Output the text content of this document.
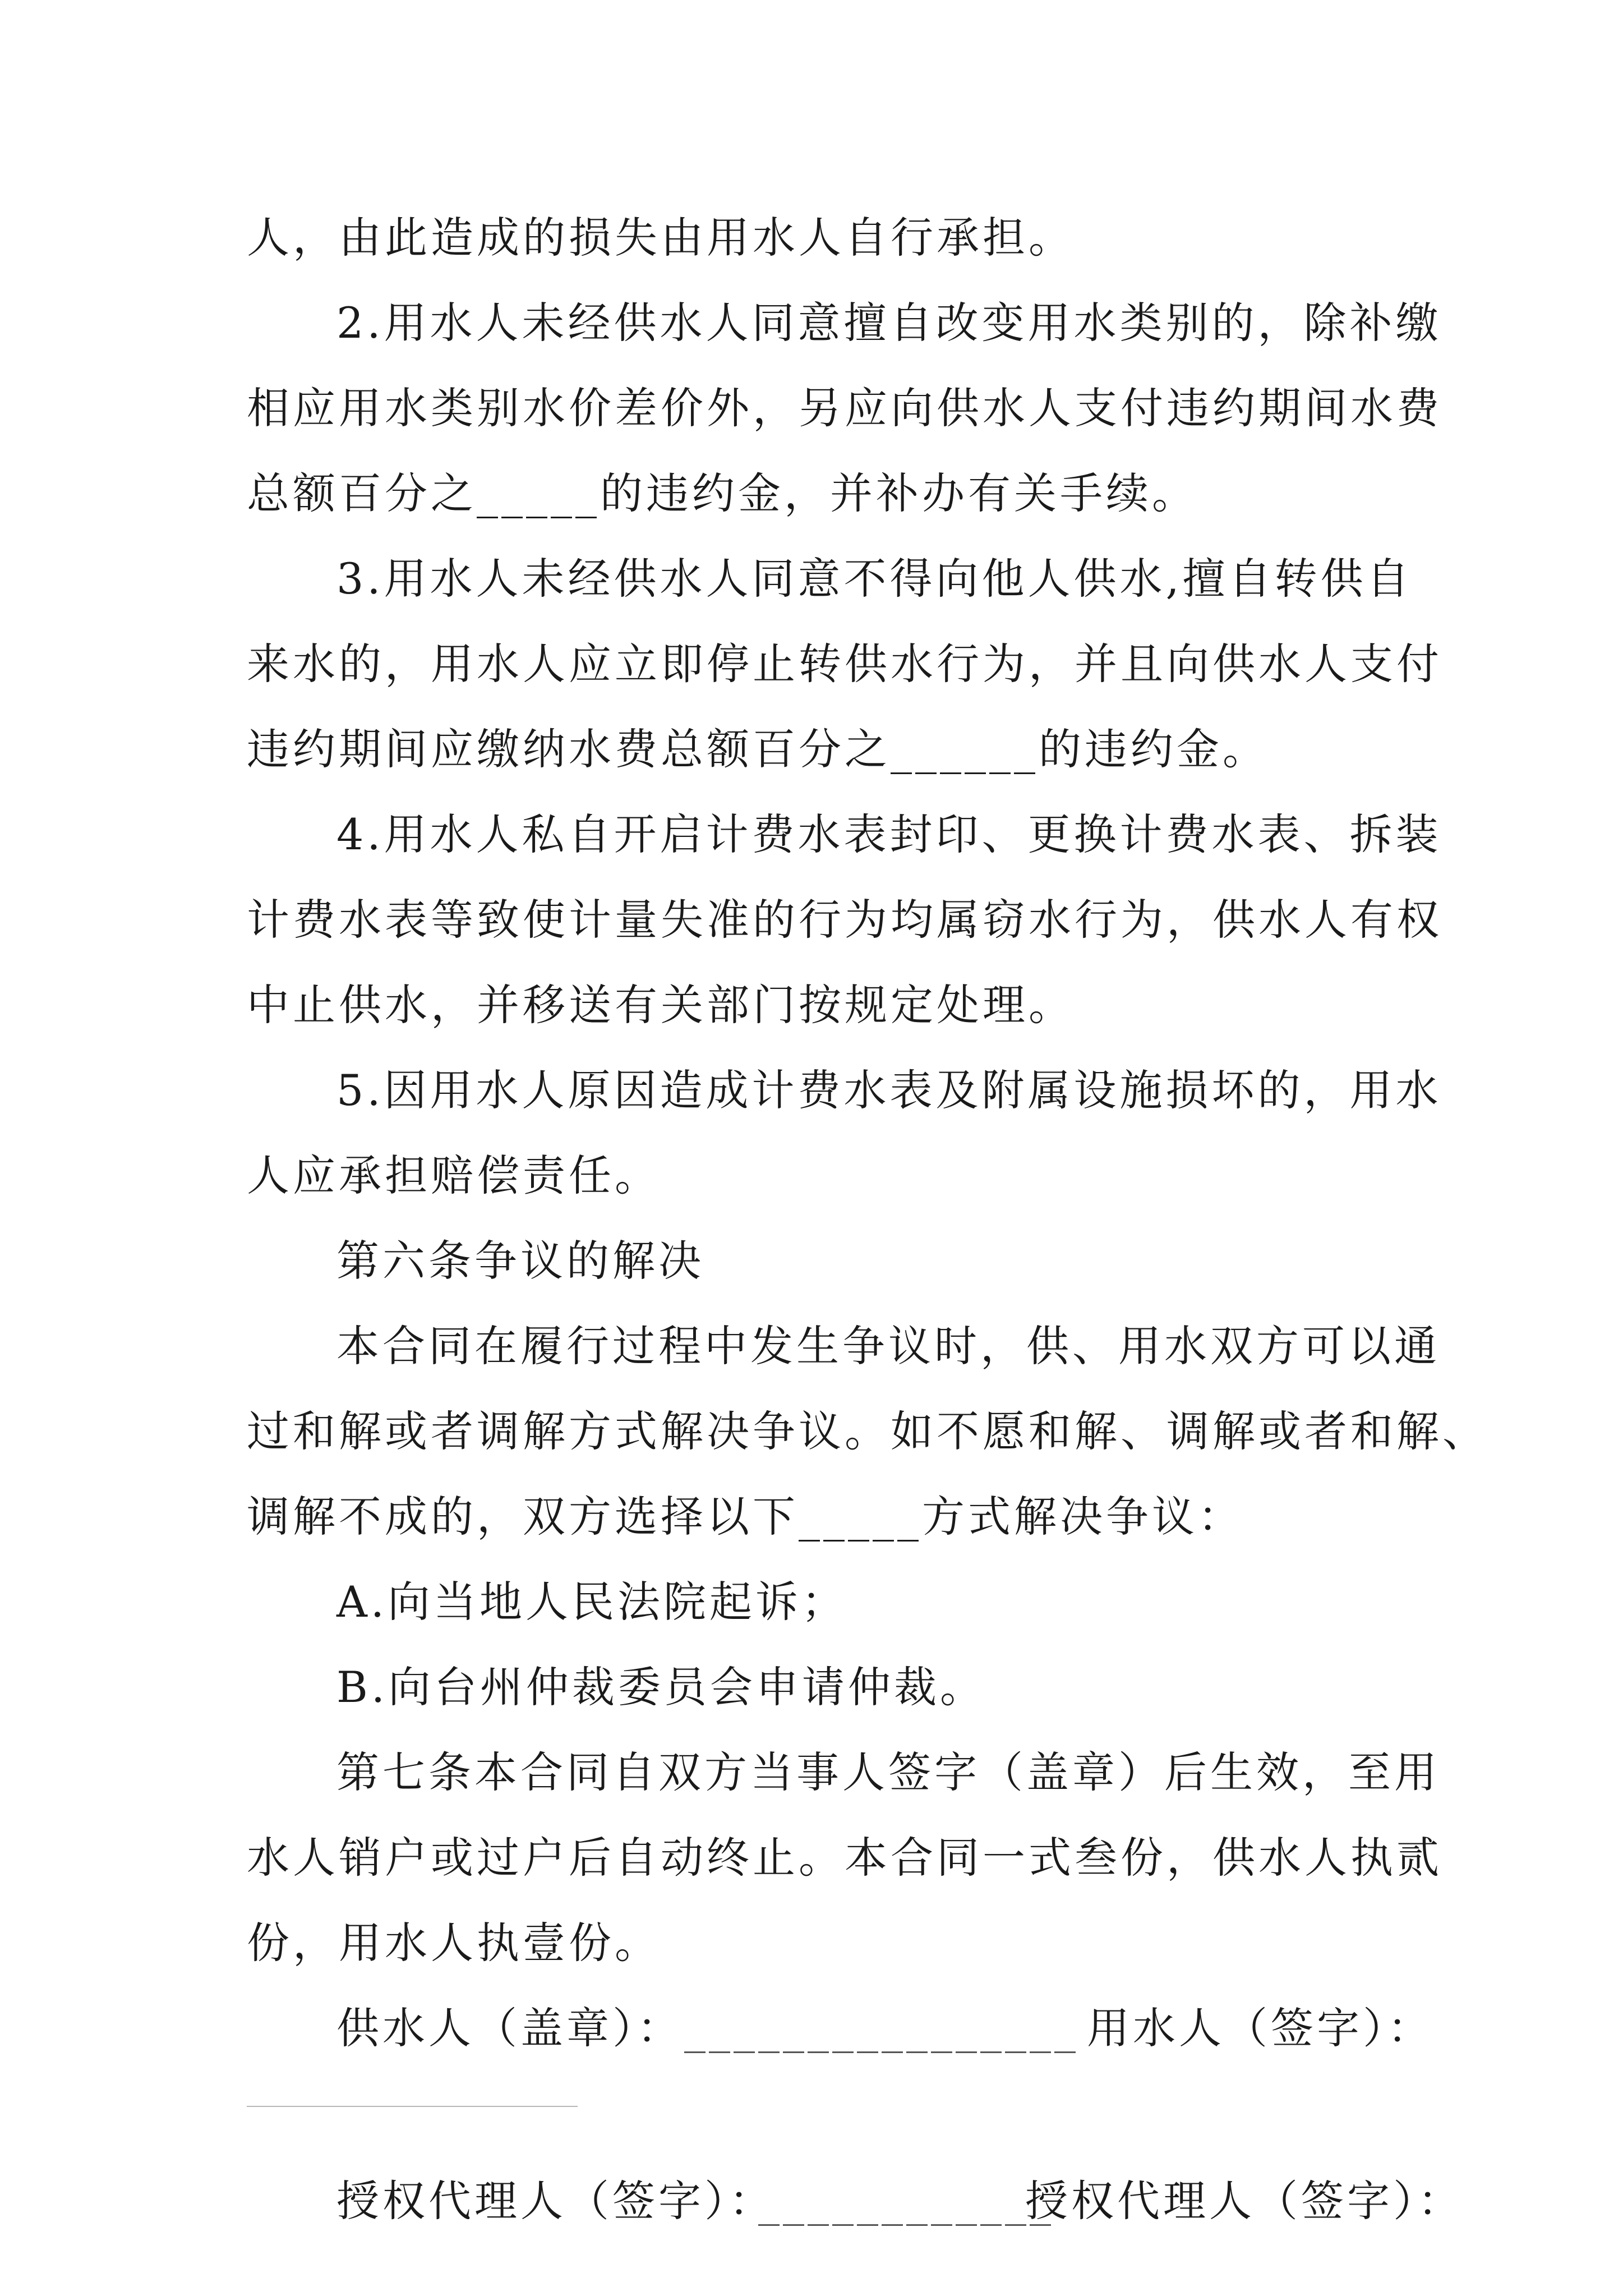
人，由此造成的损失由用水人自行承担。
2.用水人未经供水人同意擅自改变用水类别的，除补缴
相应用水类别水价差价外，另应向供水人支付违约期间水费
总额百分之_____的违约金，并补办有关手续。
3.用水人未经供水人同意不得向他人供水,擅自转供自
来水的，用水人应立即停止转供水行为，并且向供水人支付
违约期间应缴纳水费总额百分之______的违约金。
4.用水人私自开启计费水表封印、更换计费水表、拆装
计费水表等致使计量失准的行为均属窃水行为，供水人有权
中止供水，并移送有关部门按规定处理。
5.因用水人原因造成计费水表及附属设施损坏的，用水
人应承担赔偿责任。
第六条争议的解决
本合同在履行过程中发生争议时，供、用水双方可以通
过和解或者调解方式解决争议。如不愿和解、调解或者和解、
调解不成的，双方选择以下_____方式解决争议：
A.向当地人民法院起诉；
B.向台州仲裁委员会申请仲裁。
第七条本合同自双方当事人签字（盖章）后生效，至用
水人销户或过户后自动终止。本合同一式叁份，供水人执贰
份，用水人执壹份。
供水人（盖章）： ________________ 用水人（签字）：
授权代理人（签字）：
____________
授权代理人（签字）：
